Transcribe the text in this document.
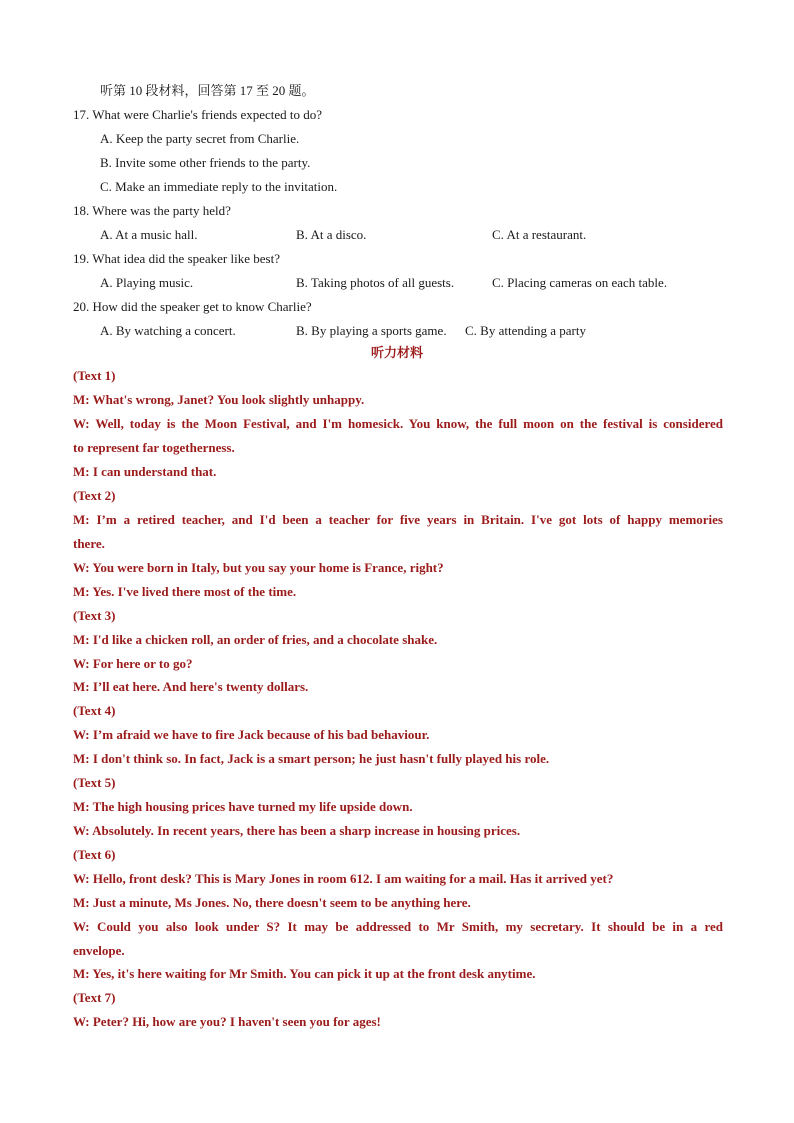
听第 10 段材料，回答第 17 至 20 题。
17. What were Charlie's friends expected to do?
A. Keep the party secret from Charlie.
B. Invite some other friends to the party.
C. Make an immediate reply to the invitation.
18. Where was the party held?
A. At a music hall.	B. At a disco.	C. At a restaurant.
19. What idea did the speaker like best?
A. Playing music.	B. Taking photos of all guests.	C. Placing cameras on each table.
20. How did the speaker get to know Charlie?
A. By watching a concert.	B. By playing a sports game. C. By attending a party
听力材料
(Text 1)
M: What's wrong, Janet? You look slightly unhappy.
W: Well, today is the Moon Festival, and I'm homesick. You know, the full moon on the festival is considered
to represent far togetherness.
M: I can understand that.
(Text 2)
M: I’m a retired teacher, and I'd been a teacher for five years in Britain. I've got lots of happy memories
there.
W: You were born in Italy, but you say your home is France, right?
M: Yes. I've lived there most of the time.
(Text 3)
M: I'd like a chicken roll, an order of fries, and a chocolate shake.
W: For here or to go?
M: I’ll eat here. And here's twenty dollars.
(Text 4)
W: I’m afraid we have to fire Jack because of his bad behaviour.
M: I don't think so. In fact, Jack is a smart person; he just hasn't fully played his role.
(Text 5)
M: The high housing prices have turned my life upside down.
W: Absolutely. In recent years, there has been a sharp increase in housing prices.
(Text 6)
W: Hello, front desk? This is Mary Jones in room 612. I am waiting for a mail. Has it arrived yet?
M: Just a minute, Ms Jones. No, there doesn't seem to be anything here.
W: Could you also look under S? It may be addressed to Mr Smith, my secretary. It should be in a red
envelope.
M: Yes, it's here waiting for Mr Smith. You can pick it up at the front desk anytime.
(Text 7)
W: Peter? Hi, how are you? I haven't seen you for ages!
